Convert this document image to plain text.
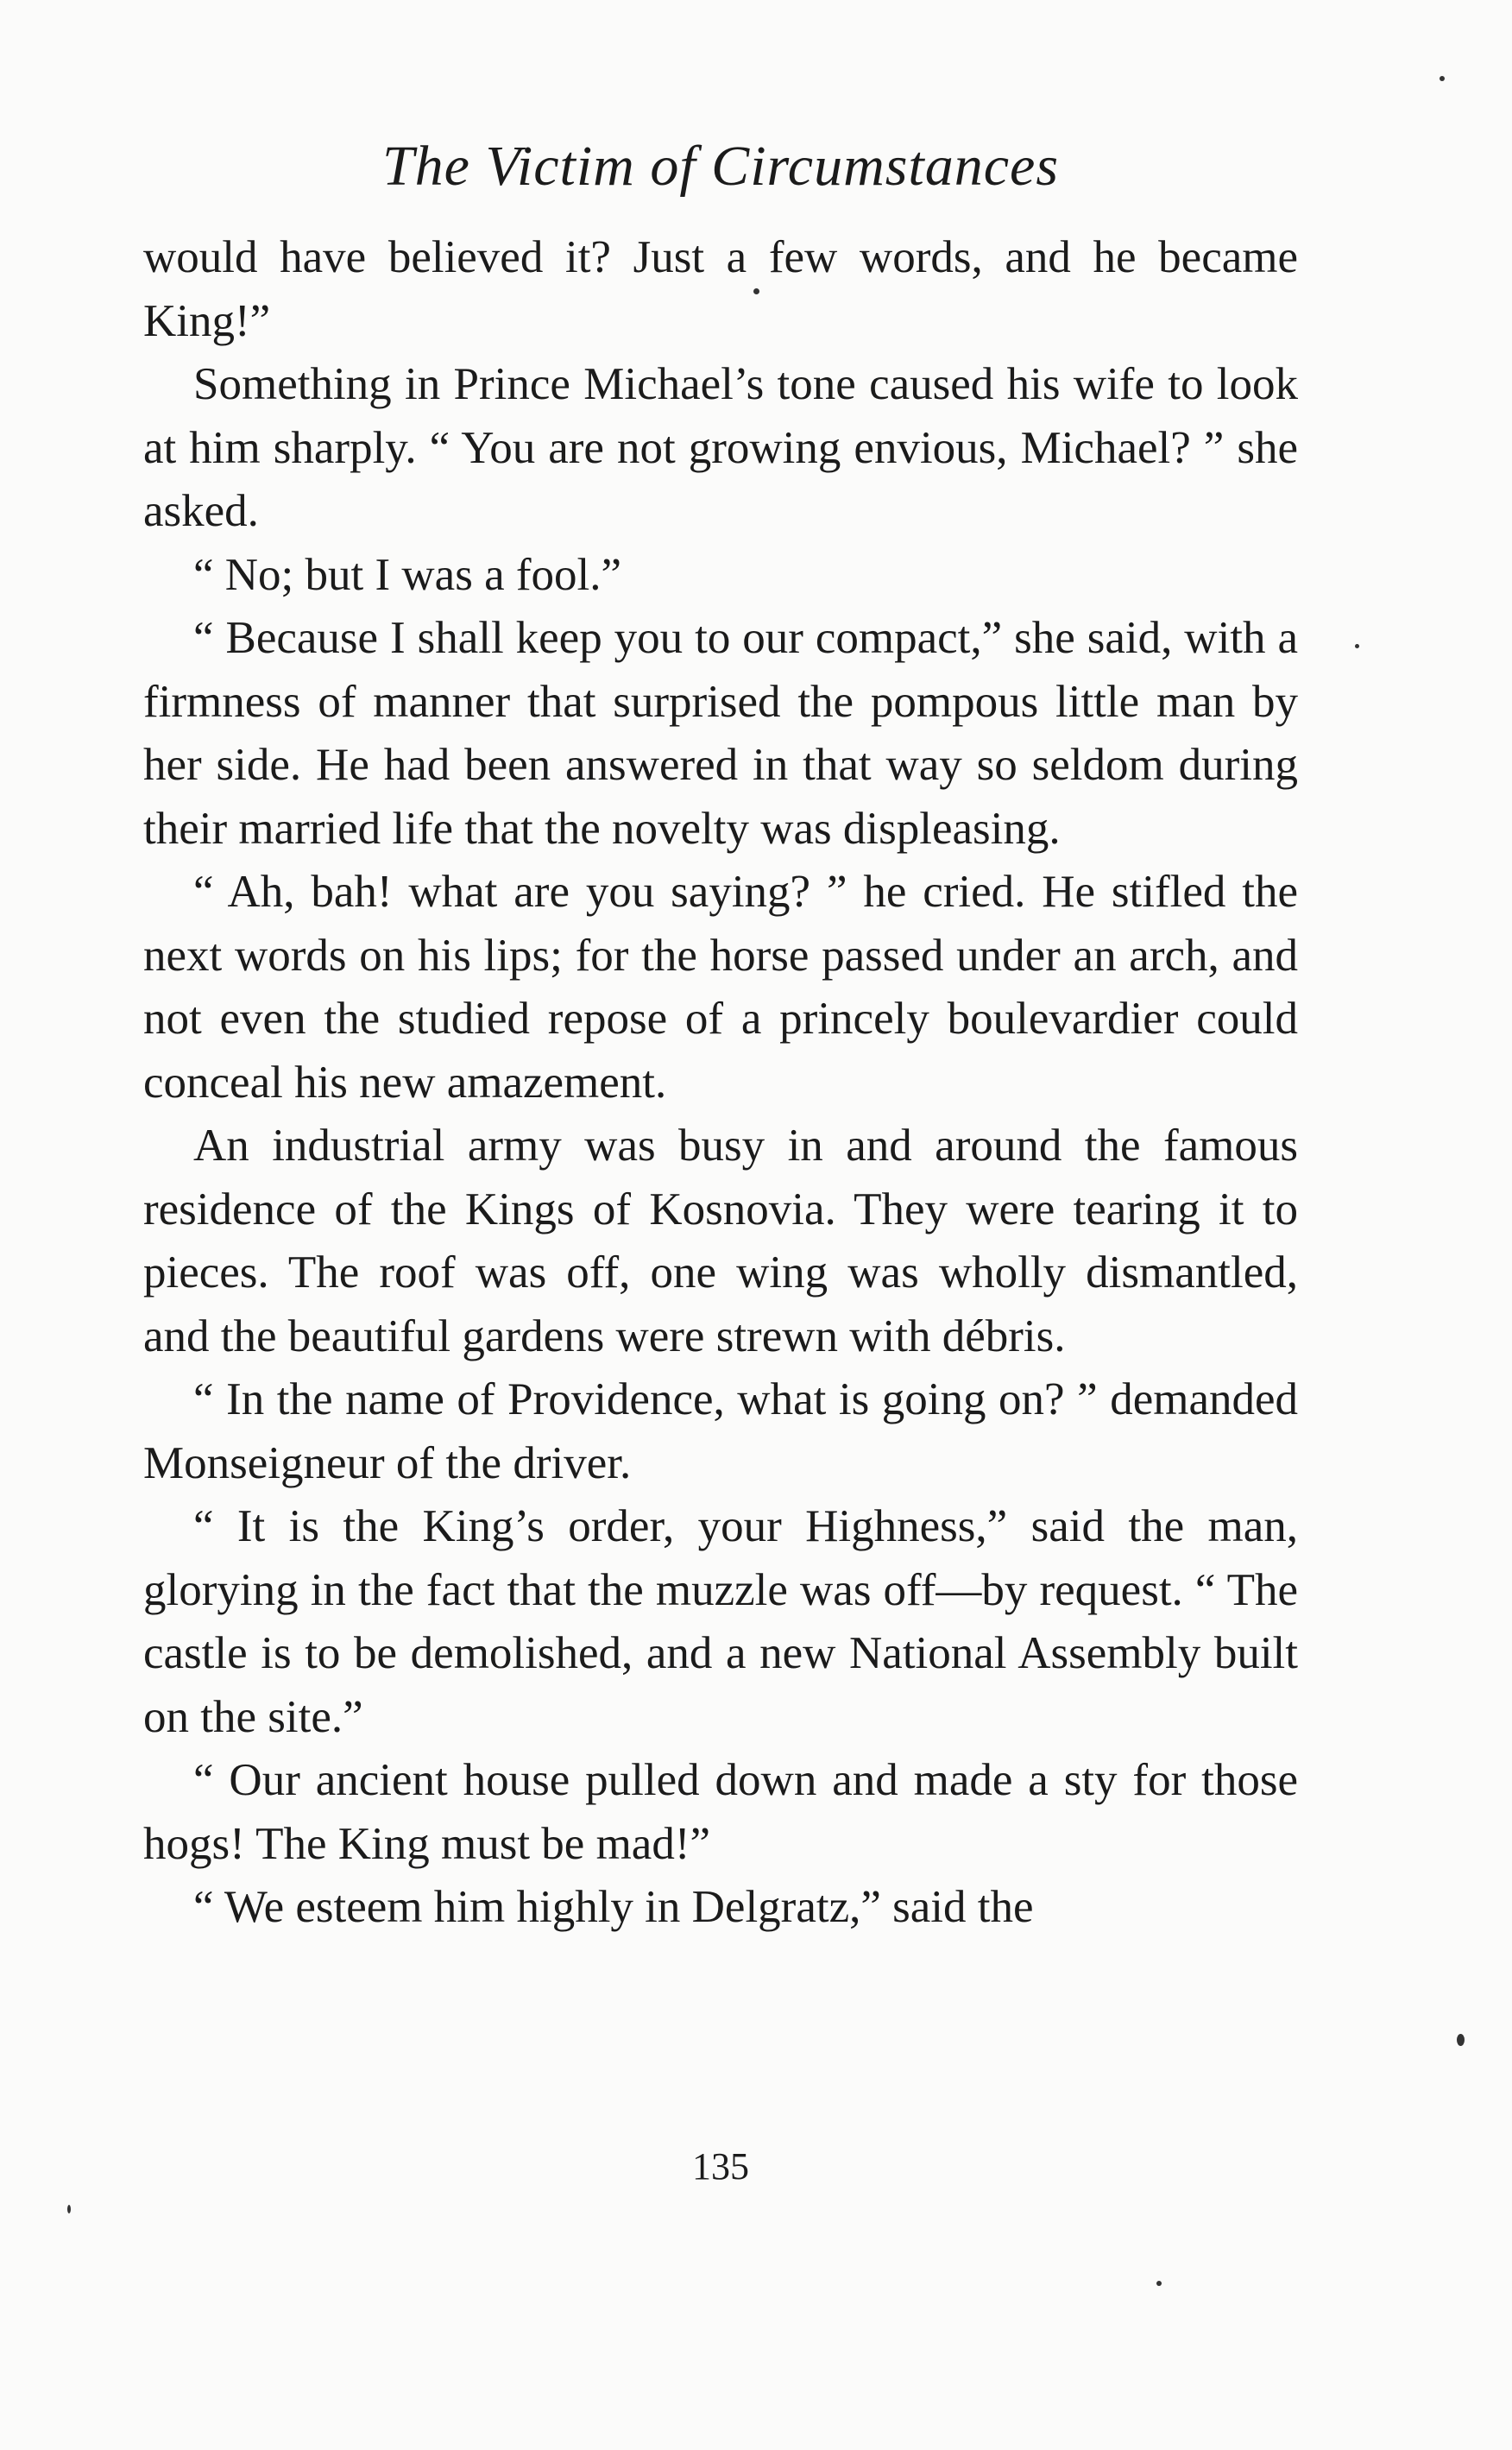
The Victim of Circumstances

would have believed it? Just a few words, and he became King!”

Something in Prince Michael’s tone caused his wife to look at him sharply. “ You are not growing envious, Michael? ” she asked.

“ No; but I was a fool.”

“ Because I shall keep you to our compact,” she said, with a firmness of manner that surprised the pompous little man by her side. He had been answered in that way so seldom during their married life that the novelty was displeasing.

“ Ah, bah! what are you saying? ” he cried. He stifled the next words on his lips; for the horse passed under an arch, and not even the studied repose of a princely boulevardier could conceal his new amazement.

An industrial army was busy in and around the famous residence of the Kings of Kosnovia. They were tearing it to pieces. The roof was off, one wing was wholly dismantled, and the beautiful gardens were strewn with débris.

“ In the name of Providence, what is going on? ” demanded Monseigneur of the driver.

“ It is the King’s order, your Highness,” said the man, glorying in the fact that the muzzle was off—by request. “ The castle is to be demolished, and a new National Assembly built on the site.”

“ Our ancient house pulled down and made a sty for those hogs! The King must be mad!”

“ We esteem him highly in Delgratz,” said the

135
